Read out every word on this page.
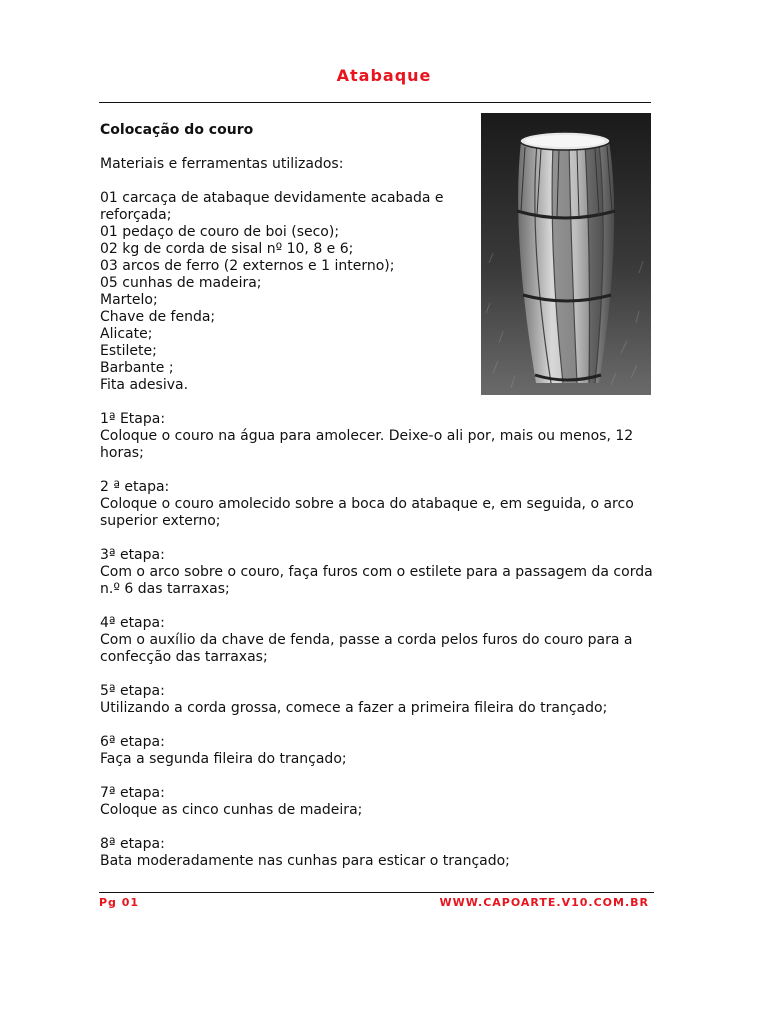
Atabaque
Colocação do couro
Materiais e ferramentas utilizados:
01 carcaça de atabaque devidamente acabada e
reforçada;
01 pedaço de couro de boi (seco);
02 kg de corda de sisal nº 10, 8 e 6;
03 arcos de ferro (2 externos e 1 interno);
05 cunhas de madeira;
Martelo;
Chave de fenda;
Alicate;
Estilete;
Barbante ;
Fita adesiva.
1ª Etapa:
Coloque o couro na água para amolecer. Deixe-o ali por, mais ou menos, 12 horas;
2 ª etapa:
Coloque o couro amolecido sobre a boca do atabaque e, em seguida, o arco superior externo;
3ª etapa:
Com o arco sobre o couro, faça furos com o estilete para a passagem da corda n.º 6 das tarraxas;
4ª etapa:
Com o auxílio da chave de fenda, passe a corda pelos furos do couro para a confecção das tarraxas;
5ª etapa:
Utilizando a corda grossa, comece a fazer a primeira fileira do trançado;
6ª etapa:
Faça a segunda fileira do trançado;
7ª etapa:
Coloque as cinco cunhas de madeira;
8ª etapa:
Bata moderadamente nas cunhas para esticar o trançado;
Pg 01	WWW.CAPOARTE.V10.COM.BR
